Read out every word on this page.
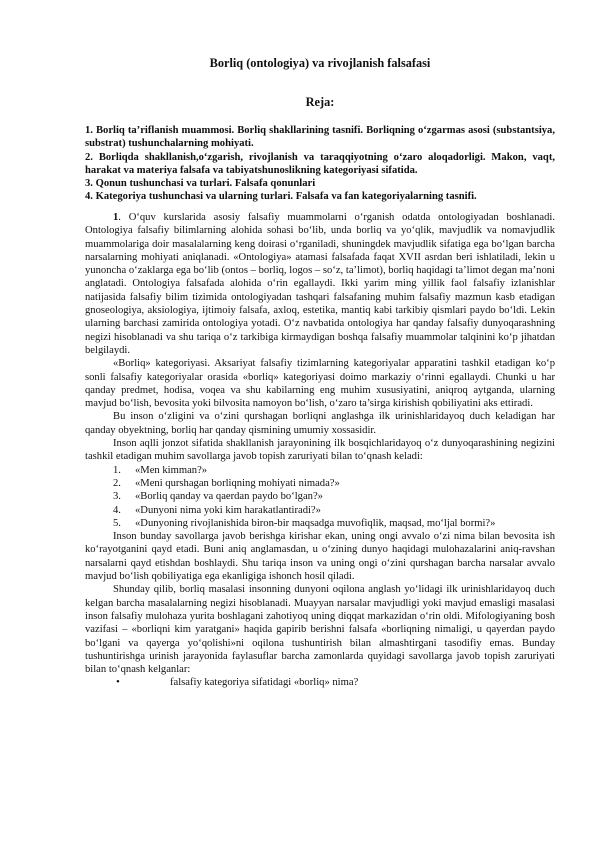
Borliq (ontologiya) va rivojlanish falsafasi
Reja:

1. Borliq ta’riflanish muammosi. Borliq shakllarining tasnifi. Borliqning o‘zgarmas asosi (substantsiya, substrat) tushunchalarning mohiyati.

2. Borliqda shakllanish,o‘zgarish, rivojlanish va taraqqiyotning o‘zaro aloqadorligi. Makon, vaqt, harakat va materiya falsafa va tabiyatshunoslikning kategoriyasi sifatida.

3. Qonun tushunchasi va turlari. Falsafa qonunlari

4. Kategoriya tushunchasi va ularning turlari. Falsafa va fan kategoriyalarning tasnifi.

1. O‘quv kurslarida asosiy falsafiy muammolarni o‘rganish odatda ontologiyadan boshlanadi. Ontologiya falsafiy bilimlarning alohida sohasi bo‘lib, unda borliq va yo‘qlik, mavjudlik va nomavjudlik muammolariga doir masalalarning keng doirasi o‘rganiladi, shuningdek mavjudlik sifatiga ega bo‘lgan barcha narsalarning mohiyati aniqlanadi. «Ontologiya» atamasi falsafada faqat XVII asrdan beri ishlatiladi, lekin u yunoncha o‘zaklarga ega bo‘lib (ontos – borliq, logos – so‘z, ta’limot), borliq haqidagi ta’limot degan ma’noni anglatadi. Ontologiya falsafada alohida o‘rin egallaydi. Ikki yarim ming yillik faol falsafiy izlanishlar natijasida falsafiy bilim tizimida ontologiyadan tashqari falsafaning muhim falsafiy mazmun kasb etadigan gnoseologiya, aksiologiya, ijtimoiy falsafa, axloq, estetika, mantiq kabi tarkibiy qismlari paydo bo‘ldi. Lekin ularning barchasi zamirida ontologiya yotadi. O‘z navbatida ontologiya har qanday falsafiy dunyoqarashning negizi hisoblanadi va shu tariqa o‘z tarkibiga kirmaydigan boshqa falsafiy muammolar talqinini ko‘p jihatdan belgilaydi.

«Borliq» kategoriyasi. Aksariyat falsafiy tizimlarning kategoriyalar apparatini tashkil etadigan ko‘p sonli falsafiy kategoriyalar orasida «borliq» kategoriyasi doimo markaziy o‘rinni egallaydi. Chunki u har qanday predmet, hodisa, voqea va shu kabilarning eng muhim xususiyatini, aniqroq aytganda, ularning mavjud bo‘lish, bevosita yoki bilvosita namoyon bo‘lish, o‘zaro ta’sirga kirishish qobiliyatini aks ettiradi.

Bu inson o‘zligini va o‘zini qurshagan borliqni anglashga ilk urinishlaridayoq duch keladigan har qanday obyektning, borliq har qanday qismining umumiy xossasidir.

Inson aqlli jonzot sifatida shakllanish jarayonining ilk bosqichlaridayoq o‘z dunyoqarashining negizini tashkil etadigan muhim savollarga javob topish zaruriyati bilan to‘qnash keladi:

1. «Men kimman?»
2. «Meni qurshagan borliqning mohiyati nimada?»
3. «Borliq qanday va qaerdan paydo bo‘lgan?»
4. «Dunyoni nima yoki kim harakatlantiradi?»
5. «Dunyoning rivojlanishida biron-bir maqsadga muvofiqlik, maqsad, mo‘ljal bormi?»

Inson bunday savollarga javob berishga kirishar ekan, uning ongi avvalo o‘zi nima bilan bevosita ish ko‘rayotganini qayd etadi. Buni aniq anglamasdan, u o‘zining dunyo haqidagi mulohazalarini aniq-ravshan narsalarni qayd etishdan boshlaydi. Shu tariqa inson va uning ongi o‘zini qurshagan barcha narsalar avvalo mavjud bo‘lish qobiliyatiga ega ekanligiga ishonch hosil qiladi.

Shunday qilib, borliq masalasi insonning dunyoni oqilona anglash yo‘lidagi ilk urinishlaridayoq duch kelgan barcha masalalarning negizi hisoblanadi. Muayyan narsalar mavjudligi yoki mavjud emasligi masalasi inson falsafiy mulohaza yurita boshlagani zahotiyoq uning diqqat markazidan o‘rin oldi. Mifologiyaning bosh vazifasi – «borliqni kim yaratgani» haqida gapirib berishni falsafa «borliqning nimaligi, u qayerdan paydo bo‘lgani va qayerga yo‘qolishi»ni oqilona tushuntirish bilan almashtirgani tasodifiy emas. Bunday tushuntirishga urinish jarayonida faylasuflar barcha zamonlarda quyidagi savollarga javob topish zaruriyati bilan to‘qnash kelganlar:

•	falsafiy kategoriya sifatidagi «borliq» nima?
